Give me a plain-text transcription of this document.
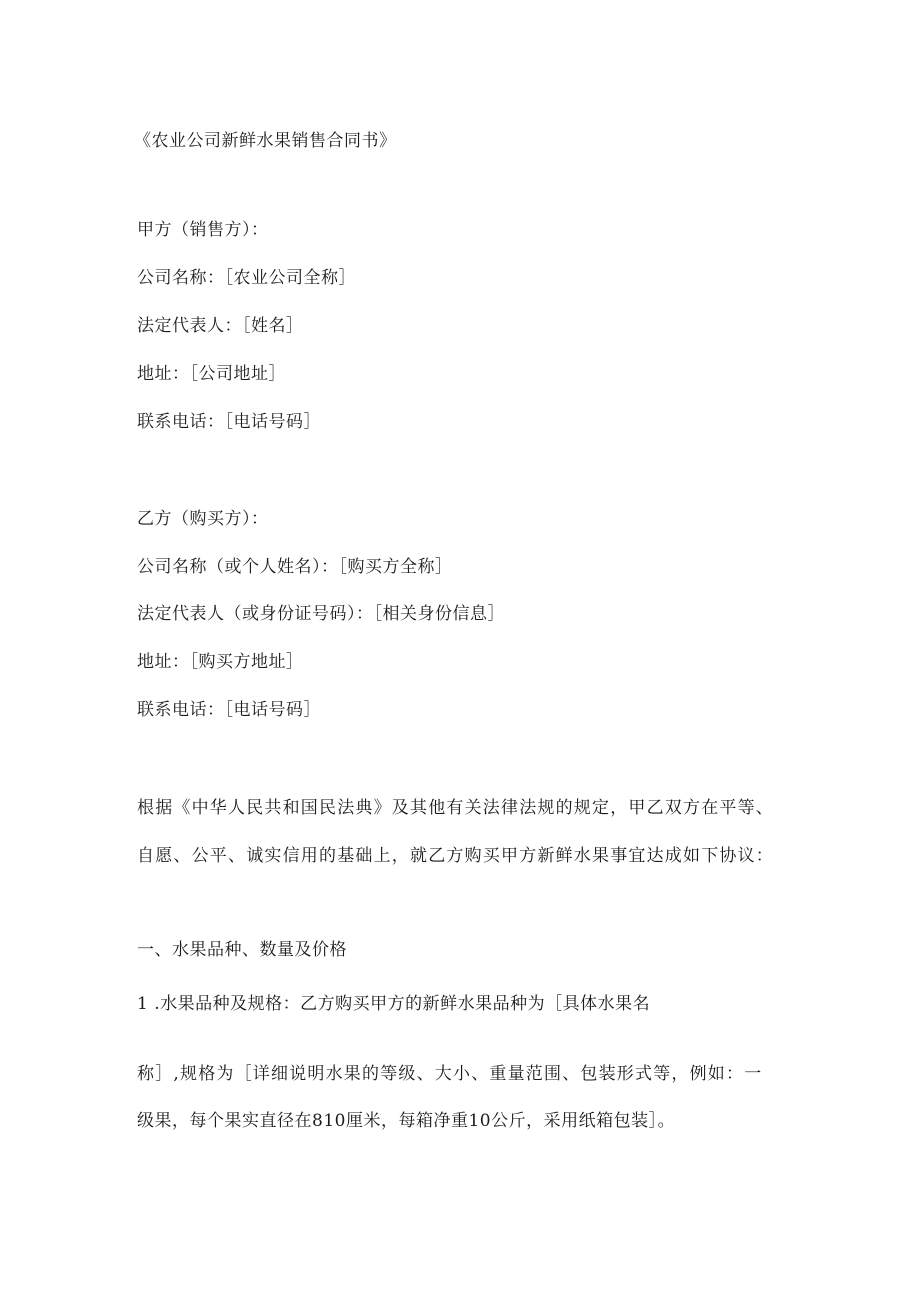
《农业公司新鲜水果销售合同书》
甲方（销售方）：
公司名称：［农业公司全称］
法定代表人：［姓名］
地址：［公司地址］
联系电话：［电话号码］
乙方（购买方）：
公司名称（或个人姓名）：［购买方全称］
法定代表人（或身份证号码）：［相关身份信息］
地址：［购买方地址］
联系电话：［电话号码］
根据《中华人民共和国民法典》及其他有关法律法规的规定，甲乙双方在平等、
自愿、公平、诚实信用的基础上，就乙方购买甲方新鲜水果事宜达成如下协议：
一、水果品种、数量及价格
1 .水果品种及规格：乙方购买甲方的新鲜水果品种为［具体水果名
称］,规格为［详细说明水果的等级、大小、重量范围、包装形式等，例如：一
级果，每个果实直径在810厘米，每箱净重10公斤，采用纸箱包装］。
